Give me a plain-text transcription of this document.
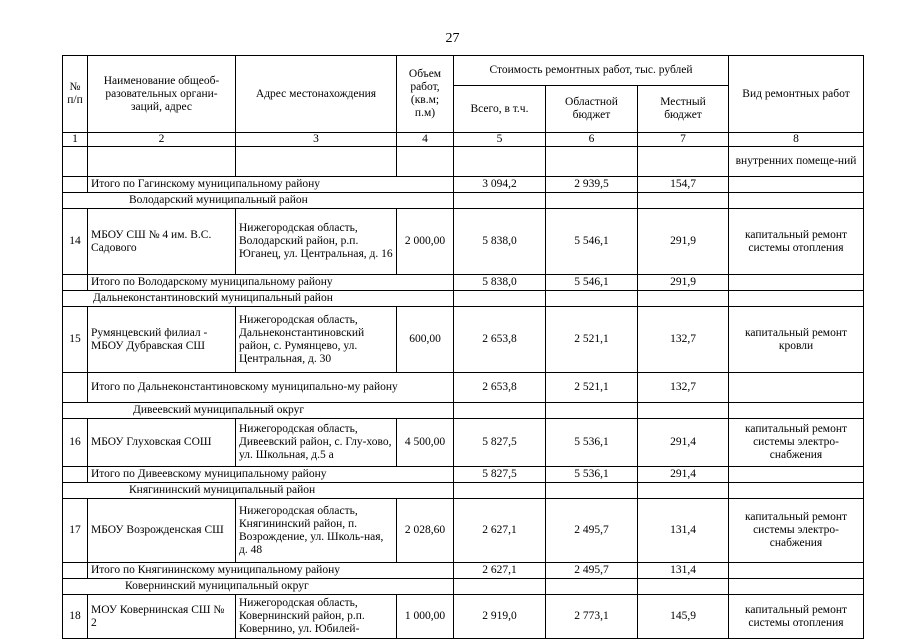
27
№ п/п	Наименование общеоб-разовательных органи-заций, адрес	Адрес местонахождения	Объем работ, (кв.м; п.м)	Стоимость ремонтных работ, тыс. рублей			Вид ремонтных работ
				Всего, в т.ч.	Областной бюджет	Местный бюджет	
1	2	3	4	5	6	7	8
							внутренних помеще-ний
	Итого по Гагинскому муниципальному району			3 094,2	2 939,5	154,7	
Володарский муниципальный район							
14	МБОУ СШ № 4 им. В.С. Садового	Нижегородская область, Володарский район, р.п. Юганец, ул. Центральная, д. 16	2 000,00	5 838,0	5 546,1	291,9	капитальный ремонт системы отопления
	Итого по Володарскому муниципальному району			5 838,0	5 546,1	291,9	
Дальнеконстантиновский муниципальный район							
15	Румянцевский филиал - МБОУ Дубравская СШ	Нижегородская область, Дальнеконстантиновский район, с. Румянцево, ул. Центральная, д. 30	600,00	2 653,8	2 521,1	132,7	капитальный ремонт кровли
	Итого по Дальнеконстантиновскому муниципально-му району			2 653,8	2 521,1	132,7	
Дивеевский муниципальный округ							
16	МБОУ Глуховская СОШ	Нижегородская область, Дивеевский район, с. Глу-хово, ул. Школьная, д.5 а	4 500,00	5 827,5	5 536,1	291,4	капитальный ремонт системы электро-снабжения
	Итого по Дивеевскому муниципальному району			5 827,5	5 536,1	291,4	
Княгининский муниципальный район							
17	МБОУ Возрожденская СШ	Нижегородская область, Княгининский район, п. Возрождение, ул. Школь-ная, д. 48	2 028,60	2 627,1	2 495,7	131,4	капитальный ремонт системы электро-снабжения
	Итого по Княгининскому муниципальному району			2 627,1	2 495,7	131,4	
Ковернинский муниципальный округ							
18	МОУ Ковернинская СШ № 2	Нижегородская область, Ковернинский район, р.п. Ковернино, ул. Юбилей-	1 000,00	2 919,0	2 773,1	145,9	капитальный ремонт системы отопления
